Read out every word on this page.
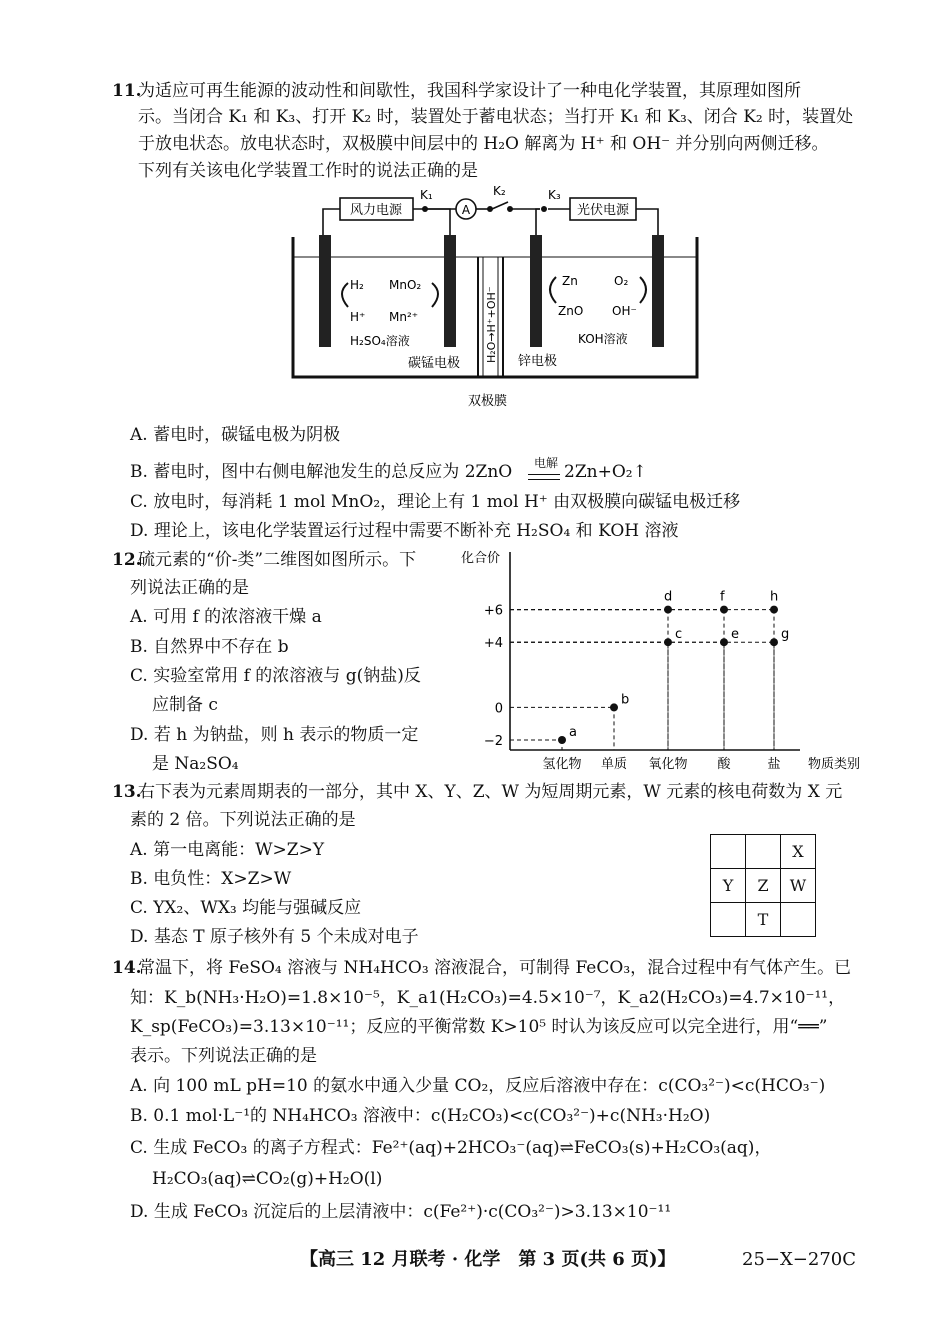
11.
为适应可再生能源的波动性和间歇性，我国科学家设计了一种电化学装置，其原理如图所
示。当闭合 K₁ 和 K₃、打开 K₂ 时，装置处于蓄电状态；当打开 K₁ 和 K₃、闭合 K₂ 时，装置处
于放电状态。放电状态时，双极膜中间层中的 H₂O 解离为 H⁺ 和 OH⁻ 并分别向两侧迁移。
下列有关该电化学装置工作时的说法正确的是
风力电源	光伏电源
A
K₁	K₂	K₃
H₂O→H⁺+OH⁻
H₂
H⁺
MnO₂
Mn²⁺
H₂SO₄溶液
碳锰电极	锌电极
Zn
ZnO
O₂
OH⁻
KOH溶液
双极膜
A. 蓄电时，碳锰电极为阴极
B. 蓄电时，图中右侧电解池发生的总反应为 2ZnO 电解 2Zn+O₂↑
C. 放电时，每消耗 1 mol MnO₂，理论上有 1 mol H⁺ 由双极膜向碳锰电极迁移
D. 理论上，该电化学装置运行过程中需要不断补充 H₂SO₄ 和 KOH 溶液
12.
硫元素的“价-类”二维图如图所示。下
列说法正确的是
A. 可用 f 的浓溶液干燥 a
B. 自然界中不存在 b
C. 实验室常用 f 的浓溶液与 g(钠盐)反
应制备 c
D. 若 h 为钠盐，则 h 表示的物质一定
是 Na₂SO₄
化合价
物质类别
+6
+4
0
−2
氢化物 单质 氧化物 酸	盐
a
b
c
d
e
f
g
h
13.
右下表为元素周期表的一部分，其中 X、Y、Z、W 为短周期元素，W 元素的核电荷数为 X 元
素的 2 倍。下列说法正确的是
A. 第一电离能：W>Z>Y
B. 电负性：X>Z>W
C. YX₂、WX₃ 均能与强碱反应
D. 基态 T 原子核外有 5 个未成对电子
		X
Y	Z	W
	T	
14.
常温下，将 FeSO₄ 溶液与 NH₄HCO₃ 溶液混合，可制得 FeCO₃，混合过程中有气体产生。已
知：K_b(NH₃·H₂O)=1.8×10⁻⁵，K_a1(H₂CO₃)=4.5×10⁻⁷，K_a2(H₂CO₃)=4.7×10⁻¹¹，
K_sp(FeCO₃)=3.13×10⁻¹¹；反应的平衡常数 K>10⁵ 时认为该反应可以完全进行，用“══”
表示。下列说法正确的是
A. 向 100 mL pH=10 的氨水中通入少量 CO₂，反应后溶液中存在：c(CO₃²⁻)<c(HCO₃⁻)
B. 0.1 mol·L⁻¹的 NH₄HCO₃ 溶液中：c(H₂CO₃)<c(CO₃²⁻)+c(NH₃·H₂O)
C. 生成 FeCO₃ 的离子方程式：Fe²⁺(aq)+2HCO₃⁻(aq)⇌FeCO₃(s)+H₂CO₃(aq)，
H₂CO₃(aq)⇌CO₂(g)+H₂O(l)
D. 生成 FeCO₃ 沉淀后的上层清液中：c(Fe²⁺)·c(CO₃²⁻)>3.13×10⁻¹¹
【高三 12 月联考 · 化学　第 3 页(共 6 页)】	25−X−270C
